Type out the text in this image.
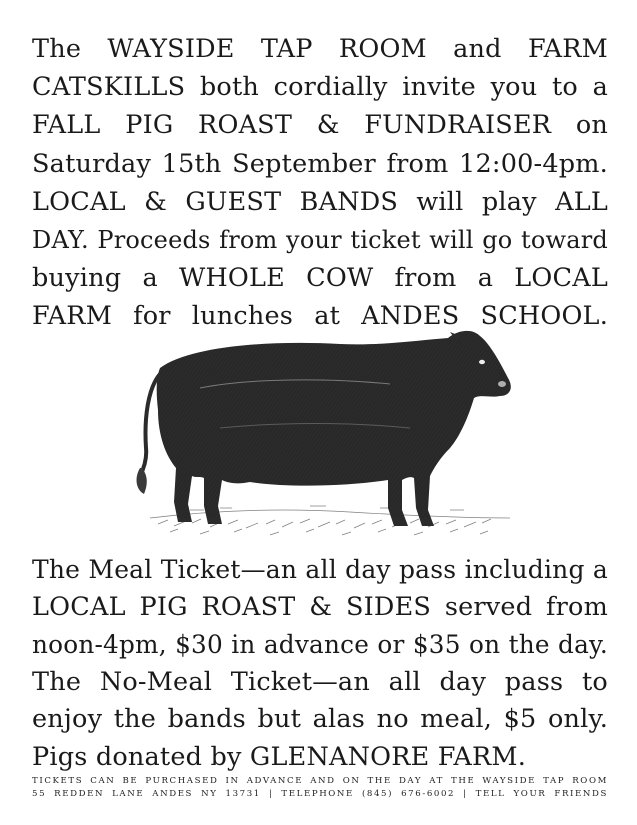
The WAYSIDE TAP ROOM and FARM
CATSKILLS both cordially invite you to a
FALL PIG ROAST & FUNDRAISER on
Saturday 15th September from 12:00-4pm.
LOCAL & GUEST BANDS will play ALL
DAY. Proceeds from your ticket will go toward
buying a WHOLE COW from a LOCAL
FARM for lunches at ANDES SCHOOL.
The Meal Ticket—an all day pass including a
LOCAL PIG ROAST & SIDES served from
noon-4pm, $30 in advance or $35 on the day.
The No-Meal Ticket—an all day pass to
enjoy the bands but alas no meal, $5 only.
Pigs donated by GLENANORE FARM.
TICKETS CAN BE PURCHASED IN ADVANCE AND ON THE DAY AT THE WAYSIDE TAP ROOM
55 REDDEN LANE ANDES NY 13731 | TELEPHONE (845) 676-6002 | TELL YOUR FRIENDS
